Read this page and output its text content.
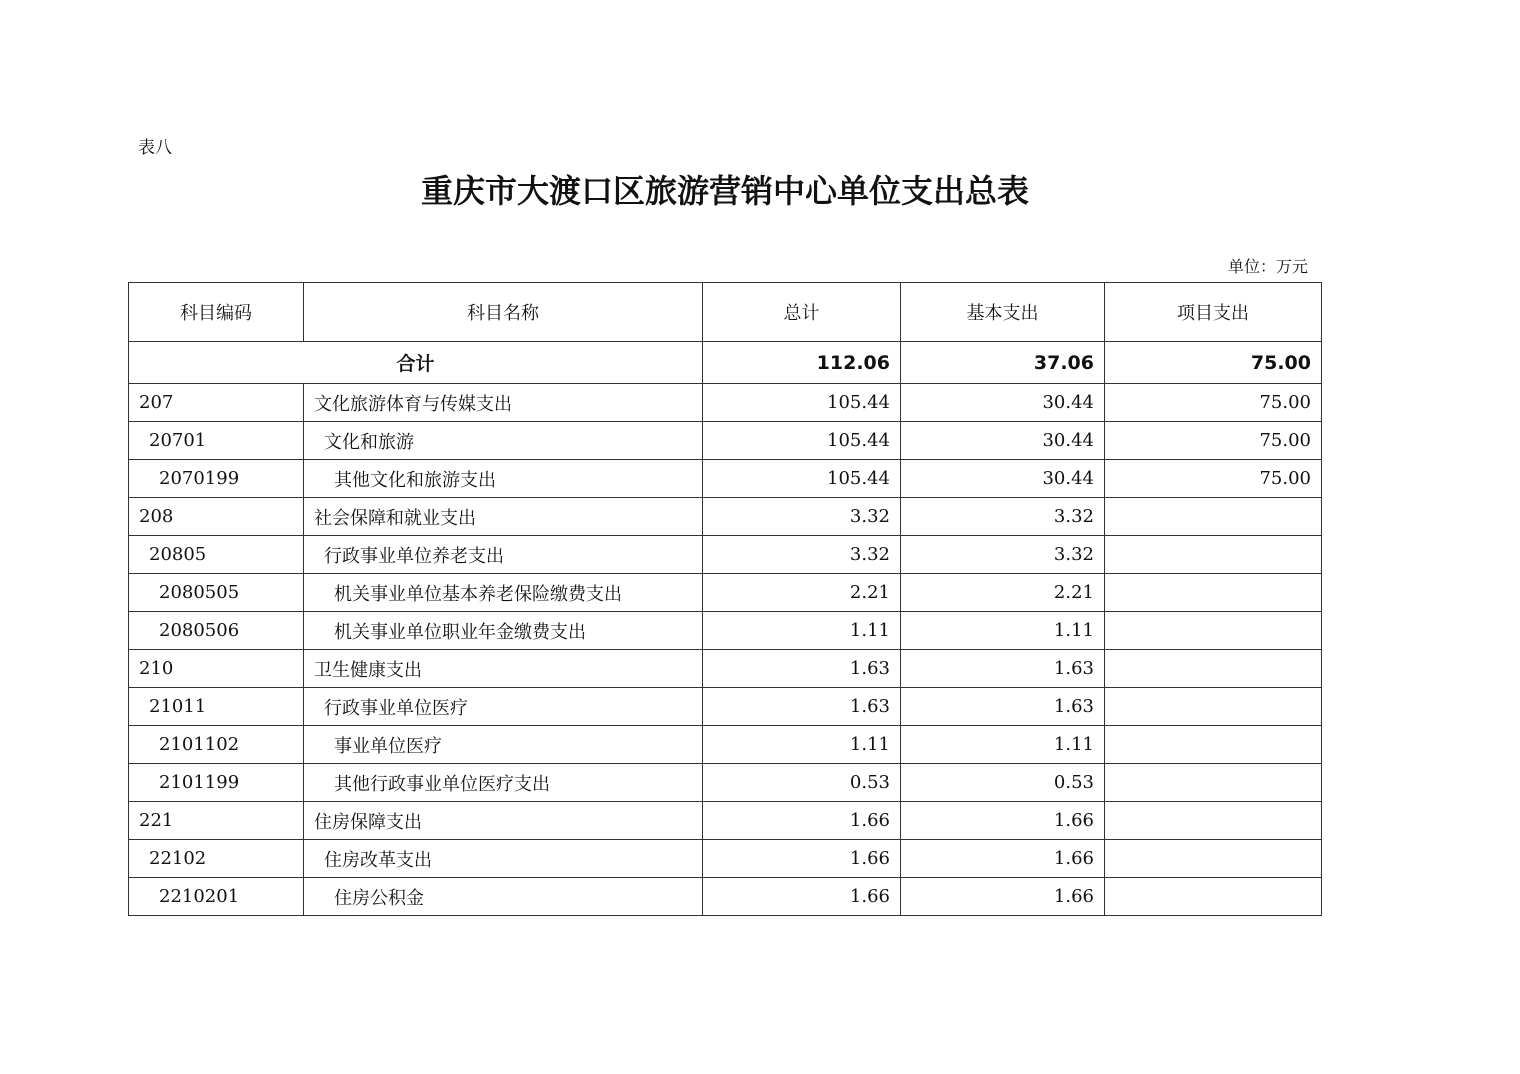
表八
重庆市大渡口区旅游营销中心单位支出总表
单位：万元
科目编码	科目名称	总计	基本支出	项目支出
合计		112.06	37.06	75.00
207	文化旅游体育与传媒支出	105.44	30.44	75.00
20701	文化和旅游	105.44	30.44	75.00
2070199	其他文化和旅游支出	105.44	30.44	75.00
208	社会保障和就业支出	3.32	3.32	
20805	行政事业单位养老支出	3.32	3.32	
2080505	机关事业单位基本养老保险缴费支出	2.21	2.21	
2080506	机关事业单位职业年金缴费支出	1.11	1.11	
210	卫生健康支出	1.63	1.63	
21011	行政事业单位医疗	1.63	1.63	
2101102	事业单位医疗	1.11	1.11	
2101199	其他行政事业单位医疗支出	0.53	0.53	
221	住房保障支出	1.66	1.66	
22102	住房改革支出	1.66	1.66	
2210201	住房公积金	1.66	1.66	
